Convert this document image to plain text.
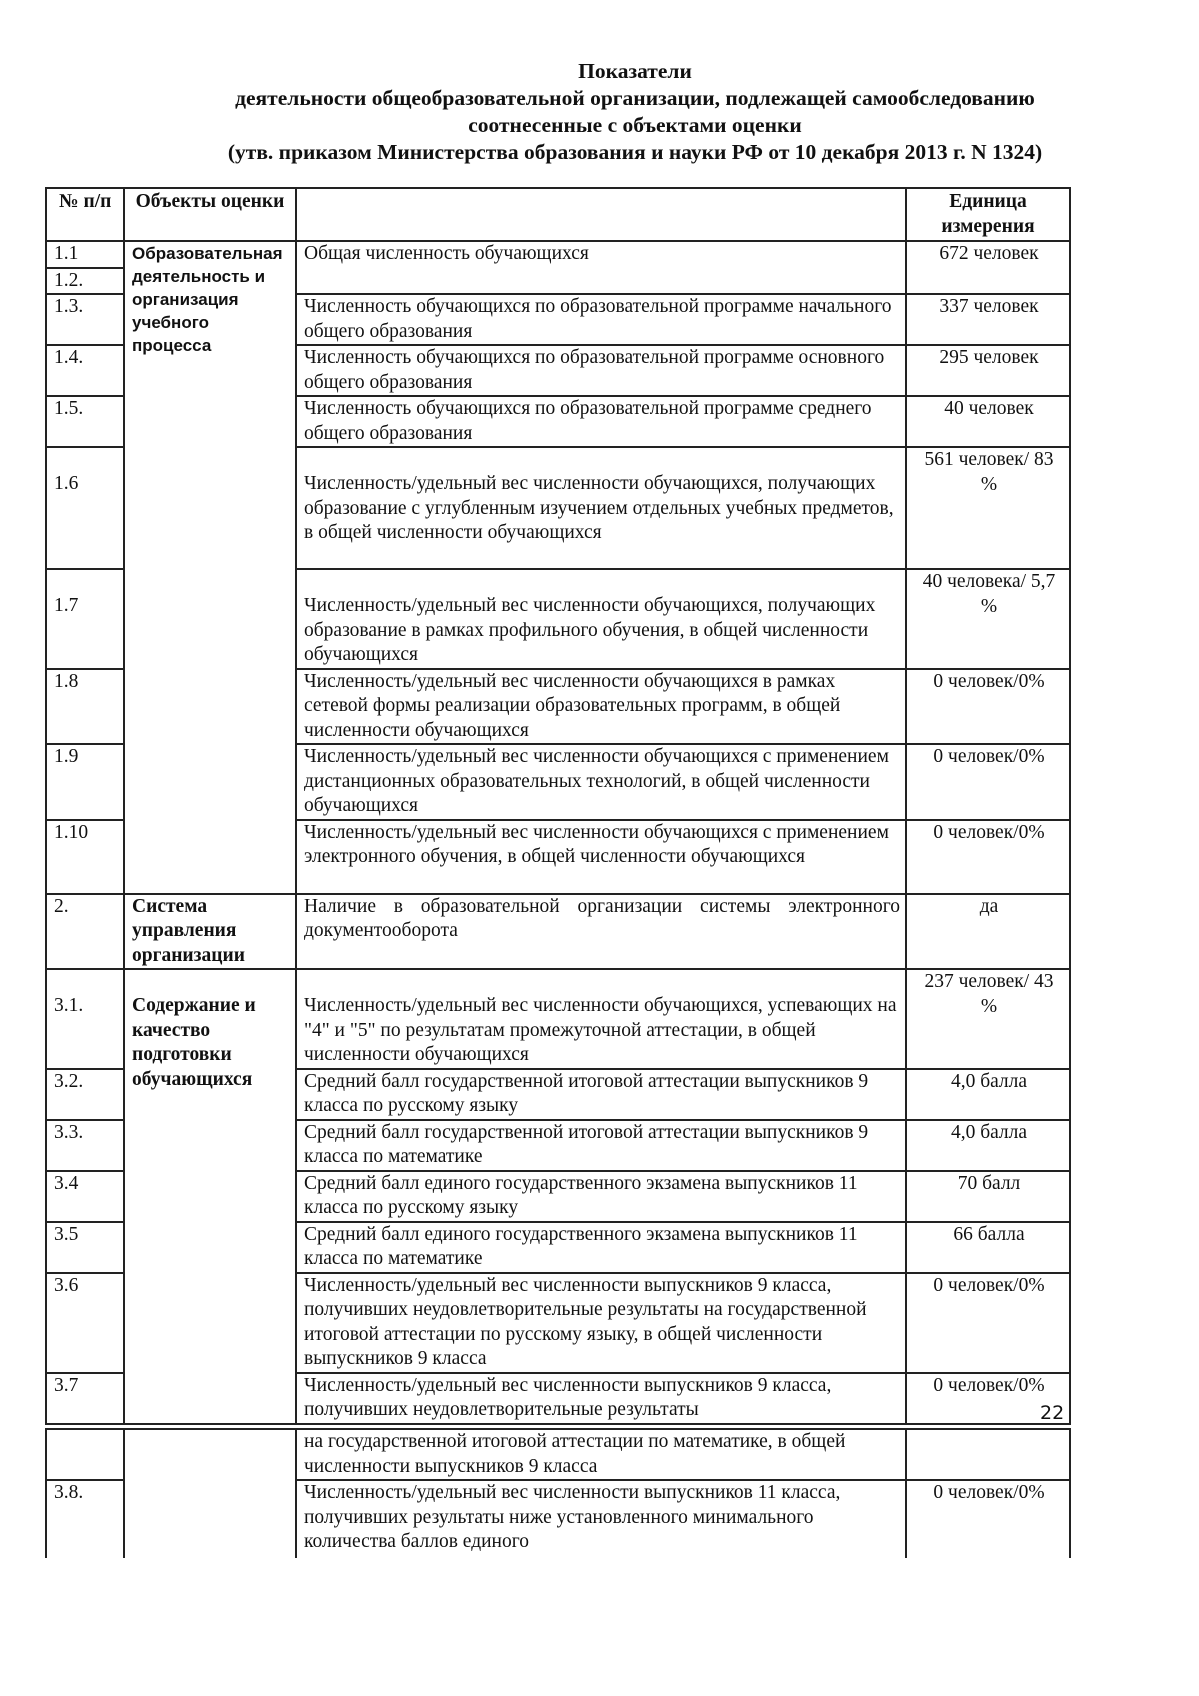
Показатели
деятельности общеобразовательной организации, подлежащей самообследованию
соотнесенные с объектами оценки
(утв. приказом Министерства образования и науки РФ от 10 декабря 2013 г. N 1324)
№ п/п	Объекты оценки		Единица измерения
1.1	Образовательная деятельность и организация учебного процесса	Общая численность обучающихся	672 человек
1.2.			
1.3.		Численность обучающихся по образовательной программе начального общего образования	337 человек
1.4.		Численность обучающихся по образовательной программе основного общего образования	295 человек
1.5.		Численность обучающихся по образовательной программе среднего общего образования	40 человек
1.6		Численность/удельный вес численности обучающихся, получающих образование с углубленным изучением отдельных учебных предметов, в общей численности обучающихся	561 человек/ 83 %
1.7		Численность/удельный вес численности обучающихся, получающих образование в рамках профильного обучения, в общей численности обучающихся	40 человека/ 5,7 %
1.8		Численность/удельный вес численности обучающихся в рамках сетевой формы реализации образовательных программ, в общей численности обучающихся	0 человек/0%
1.9		Численность/удельный вес численности обучающихся с применением дистанционных образовательных технологий, в общей численности обучающихся	0 человек/0%
1.10		Численность/удельный вес численности обучающихся с применением электронного обучения, в общей численности обучающихся	0 человек/0%
2.	Система управления организации	Наличие в образовательной организации системы электронного документооборота	да
3.1.	Содержание и качество подготовки обучающихся	Численность/удельный вес численности обучающихся, успевающих на "4" и "5" по результатам промежуточной аттестации, в общей численности обучающихся	237 человек/ 43 %
3.2.		Средний балл государственной итоговой аттестации выпускников 9 класса по русскому языку	4,0 балла
3.3.		Средний балл государственной итоговой аттестации выпускников 9 класса по математике	4,0 балла
3.4		Средний балл единого государственного экзамена выпускников 11 класса по русскому языку	70 балл
3.5		Средний балл единого государственного экзамена выпускников 11 класса по математике	66 балла
3.6		Численность/удельный вес численности выпускников 9 класса, получивших неудовлетворительные результаты на государственной итоговой аттестации по русскому языку, в общей численности выпускников 9 класса	0 человек/0%
3.7		Численность/удельный вес численности выпускников 9 класса, получивших неудовлетворительные результаты	0 человек/0%
22
		на государственной итоговой аттестации по математике, в общей численности выпускников 9 класса	
3.8.		Численность/удельный вес численности выпускников 11 класса, получивших результаты ниже установленного минимального количества баллов единого	0 человек/0%
